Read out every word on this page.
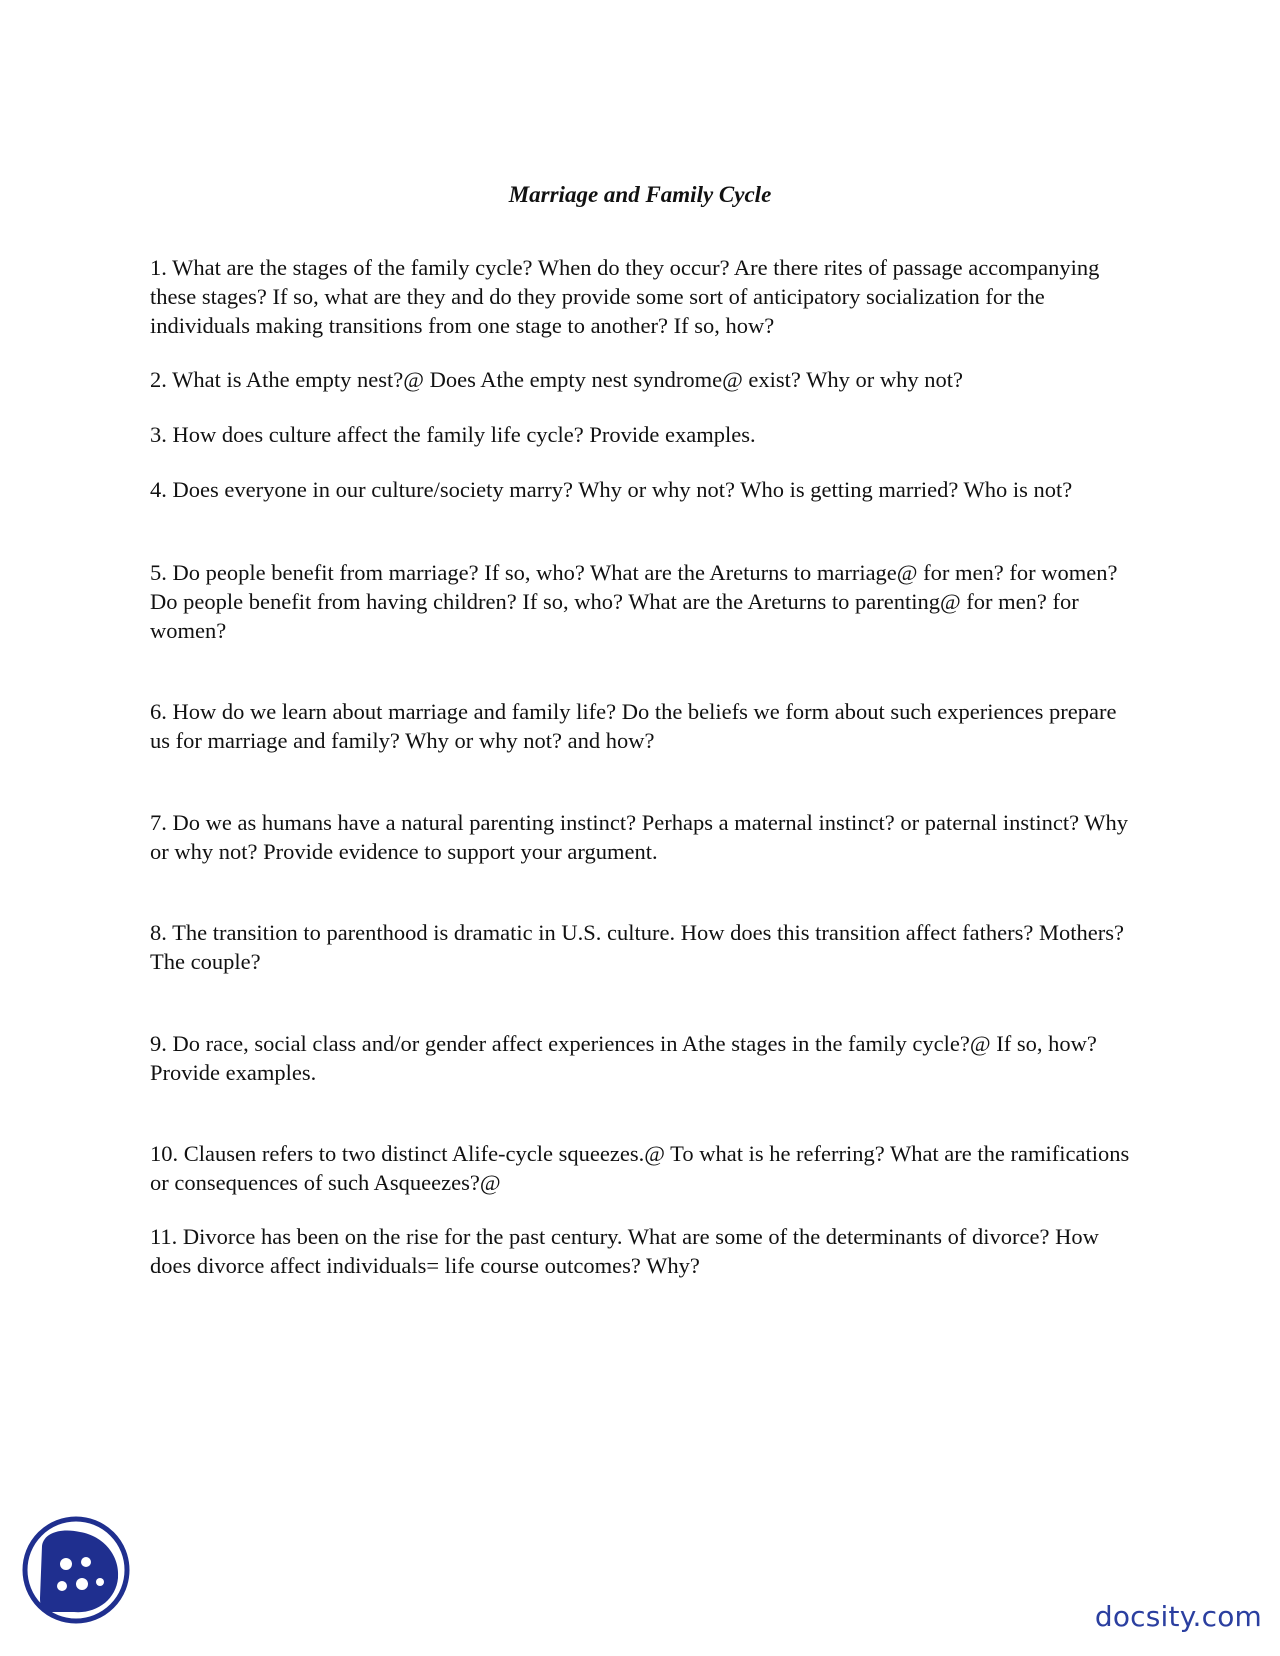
Marriage and Family Cycle

1. What are the stages of the family cycle? When do they occur? Are there rites of passage accompanying these stages? If so, what are they and do they provide some sort of anticipatory socialization for the individuals making transitions from one stage to another? If so, how?

2. What is Athe empty nest?@ Does Athe empty nest syndrome@ exist? Why or why not?

3. How does culture affect the family life cycle? Provide examples.

4. Does everyone in our culture/society marry? Why or why not? Who is getting married? Who is not?

5. Do people benefit from marriage? If so, who? What are the Areturns to marriage@ for men? for women? Do people benefit from having children? If so, who? What are the Areturns to parenting@ for men? for women?

6. How do we learn about marriage and family life? Do the beliefs we form about such experiences prepare us for marriage and family? Why or why not? and how?

7. Do we as humans have a natural parenting instinct? Perhaps a maternal instinct? or paternal instinct? Why or why not? Provide evidence to support your argument.

8. The transition to parenthood is dramatic in U.S. culture. How does this transition affect fathers? Mothers? The couple?

9. Do race, social class and/or gender affect experiences in Athe stages in the family cycle?@ If so, how? Provide examples.

10. Clausen refers to two distinct Alife-cycle squeezes.@ To what is he referring? What are the ramifications or consequences of such Asqueezes?@

11. Divorce has been on the rise for the past century. What are some of the determinants of divorce? How does divorce affect individuals= life course outcomes? Why?

docsity.com
